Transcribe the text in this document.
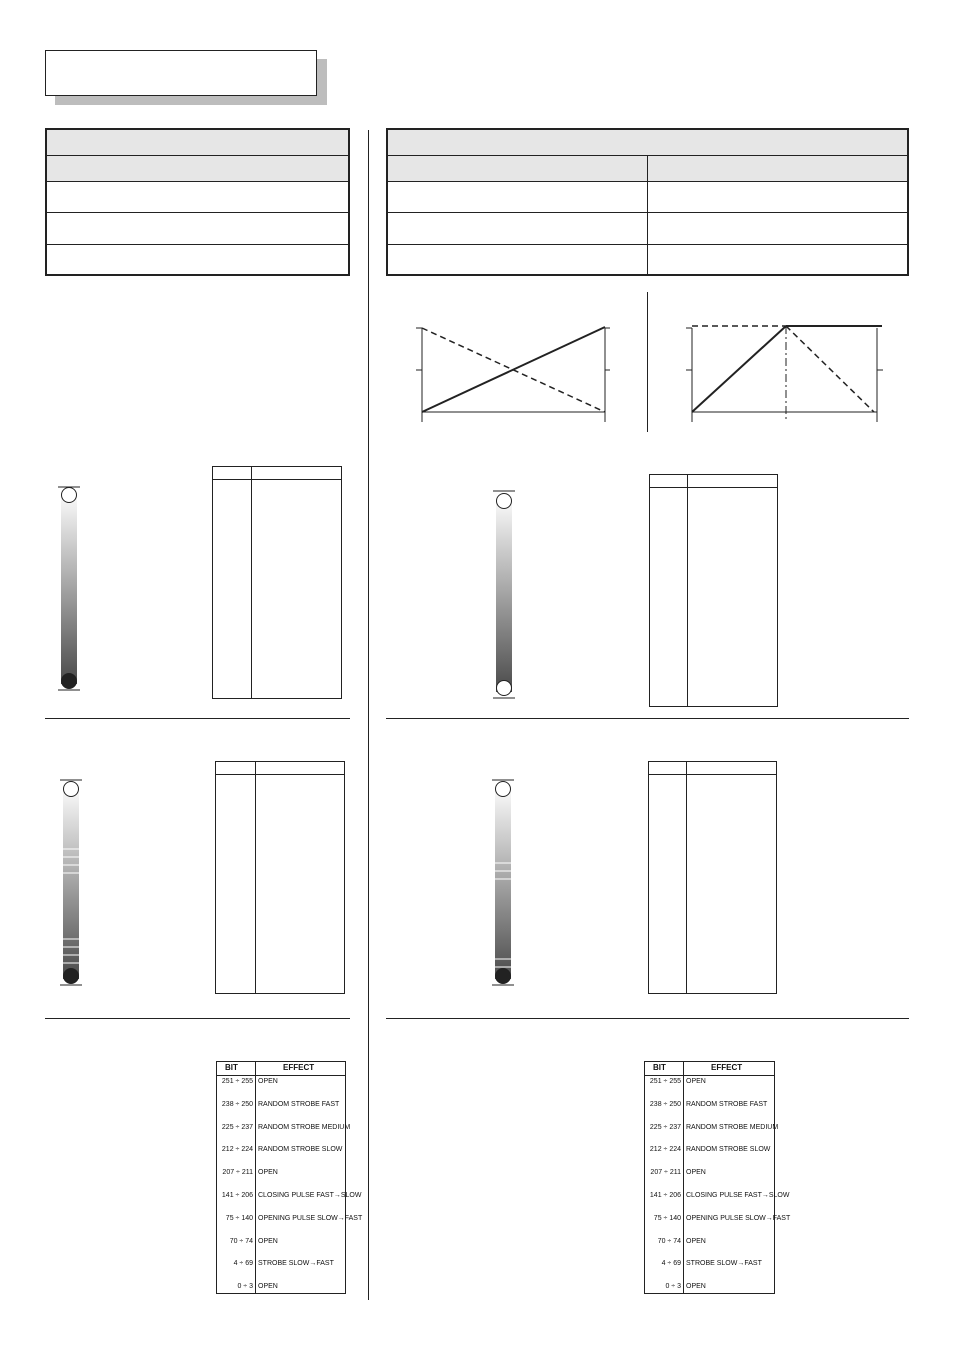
BIT	EFFECT
251 ÷ 255 OPEN
238 ÷ 250 RANDOM STROBE FAST
225 ÷ 237 RANDOM STROBE MEDIUM
212 ÷ 224 RANDOM STROBE SLOW
207 ÷ 211 OPEN
141 ÷ 206 CLOSING PULSE FAST→SLOW
75 ÷ 140 OPENING PULSE SLOW→FAST
70 ÷ 74 OPEN
4 ÷ 69 STROBE SLOW→FAST
0 ÷ 3 OPEN
BIT	EFFECT
251 ÷ 255 OPEN
238 ÷ 250 RANDOM STROBE FAST
225 ÷ 237 RANDOM STROBE MEDIUM
212 ÷ 224 RANDOM STROBE SLOW
207 ÷ 211 OPEN
141 ÷ 206 CLOSING PULSE FAST→SLOW
75 ÷ 140 OPENING PULSE SLOW→FAST
70 ÷ 74 OPEN
4 ÷ 69 STROBE SLOW→FAST
0 ÷ 3 OPEN
